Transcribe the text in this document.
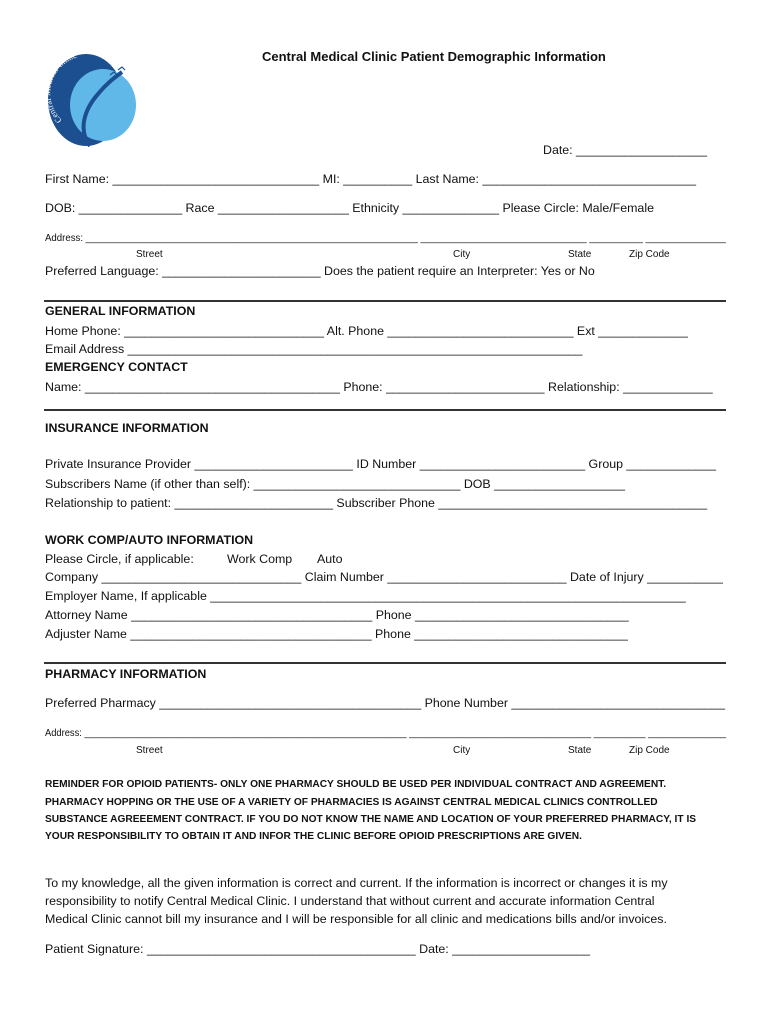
Central Medical Clinic	Central Medical Clinic Patient Demographic Information
Date: ___________________
First Name: ______________________________ MI: __________ Last Name: _______________________________
DOB: _______________ Race ___________________ Ethnicity ______________ Please Circle: Male/Female
Address: ______________________________________________________________ _______________________________ __________ _______________
Street	City	State	Zip Code
Preferred Language: _______________________ Does the patient require an Interpreter: Yes or No
GENERAL INFORMATION
Home Phone: _____________________________ Alt. Phone ___________________________ Ext _____________
Email Address __________________________________________________________________
EMERGENCY CONTACT
Name: _____________________________________ Phone: _______________________ Relationship: _____________
INSURANCE INFORMATION
Private Insurance Provider _______________________ ID Number ________________________ Group _____________
Subscribers Name (if other than self): ______________________________ DOB ___________________
Relationship to patient: _______________________ Subscriber Phone _______________________________________
WORK COMP/AUTO INFORMATION
Please Circle, if applicable:	Work Comp Auto
Company _____________________________ Claim Number __________________________ Date of Injury ___________
Employer Name, If applicable _____________________________________________________________________
Attorney Name ___________________________________ Phone _______________________________
Adjuster Name ___________________________________ Phone _______________________________
PHARMACY INFORMATION
Preferred Pharmacy ______________________________________ Phone Number _______________________________
Address: ______________________________________________________________ ___________________________________ __________ _______________
Street	City	State	Zip Code
REMINDER FOR OPIOID PATIENTS- ONLY ONE PHARMACY SHOULD BE USED PER INDIVIDUAL CONTRACT AND AGREEMENT.
PHARMACY HOPPING OR THE USE OF A VARIETY OF PHARMACIES IS AGAINST CENTRAL MEDICAL CLINICS CONTROLLED
SUBSTANCE AGREEEMENT CONTRACT. IF YOU DO NOT KNOW THE NAME AND LOCATION OF YOUR PREFERRED PHARMACY, IT IS
YOUR RESPONSIBILITY TO OBTAIN IT AND INFOR THE CLINIC BEFORE OPIOID PRESCRIPTIONS ARE GIVEN.
To my knowledge, all the given information is correct and current. If the information is incorrect or changes it is my
responsibility to notify Central Medical Clinic. I understand that without current and accurate information Central
Medical Clinic cannot bill my insurance and I will be responsible for all clinic and medications bills and/or invoices.
Patient Signature: _______________________________________ Date: ____________________
